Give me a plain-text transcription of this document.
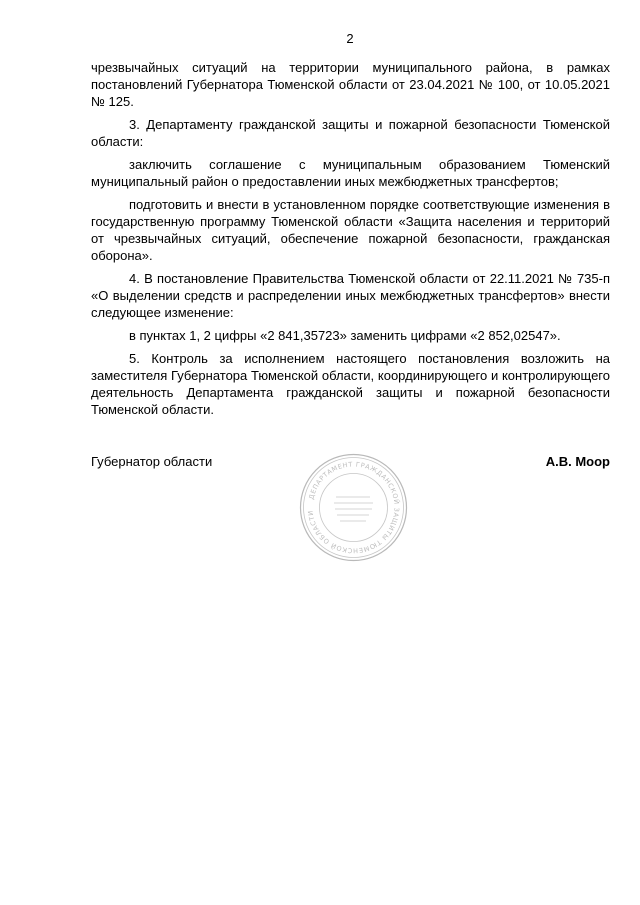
2

чрезвычайных ситуаций на территории муниципального района, в рамках постановлений Губернатора Тюменской области от 23.04.2021 № 100, от 10.05.2021 № 125.

3. Департаменту гражданской защиты и пожарной безопасности Тюменской области:

заключить соглашение с муниципальным образованием Тюменский муниципальный район о предоставлении иных межбюджетных трансфертов;

подготовить и внести в установленном порядке соответствующие изменения в государственную программу Тюменской области «Защита населения и территорий от чрезвычайных ситуаций, обеспечение пожарной безопасности, гражданская оборона».

4. В постановление Правительства Тюменской области от 22.11.2021 № 735-п «О выделении средств и распределении иных межбюджетных трансфертов» внести следующее изменение:

в пунктах 1, 2 цифры «2 841,35723» заменить цифрами «2 852,02547».

5. Контроль за исполнением настоящего постановления возложить на заместителя Губернатора Тюменской области, координирующего и контролирующего деятельность Департамента гражданской защиты и пожарной безопасности Тюменской области.

Губернатор области	А.В. Моор
ДЕПАРТАМЕНТ ГРАЖДАНСКОЙ ЗАЩИТЫ ТЮМЕНСКОЙ ОБЛАСТИ
